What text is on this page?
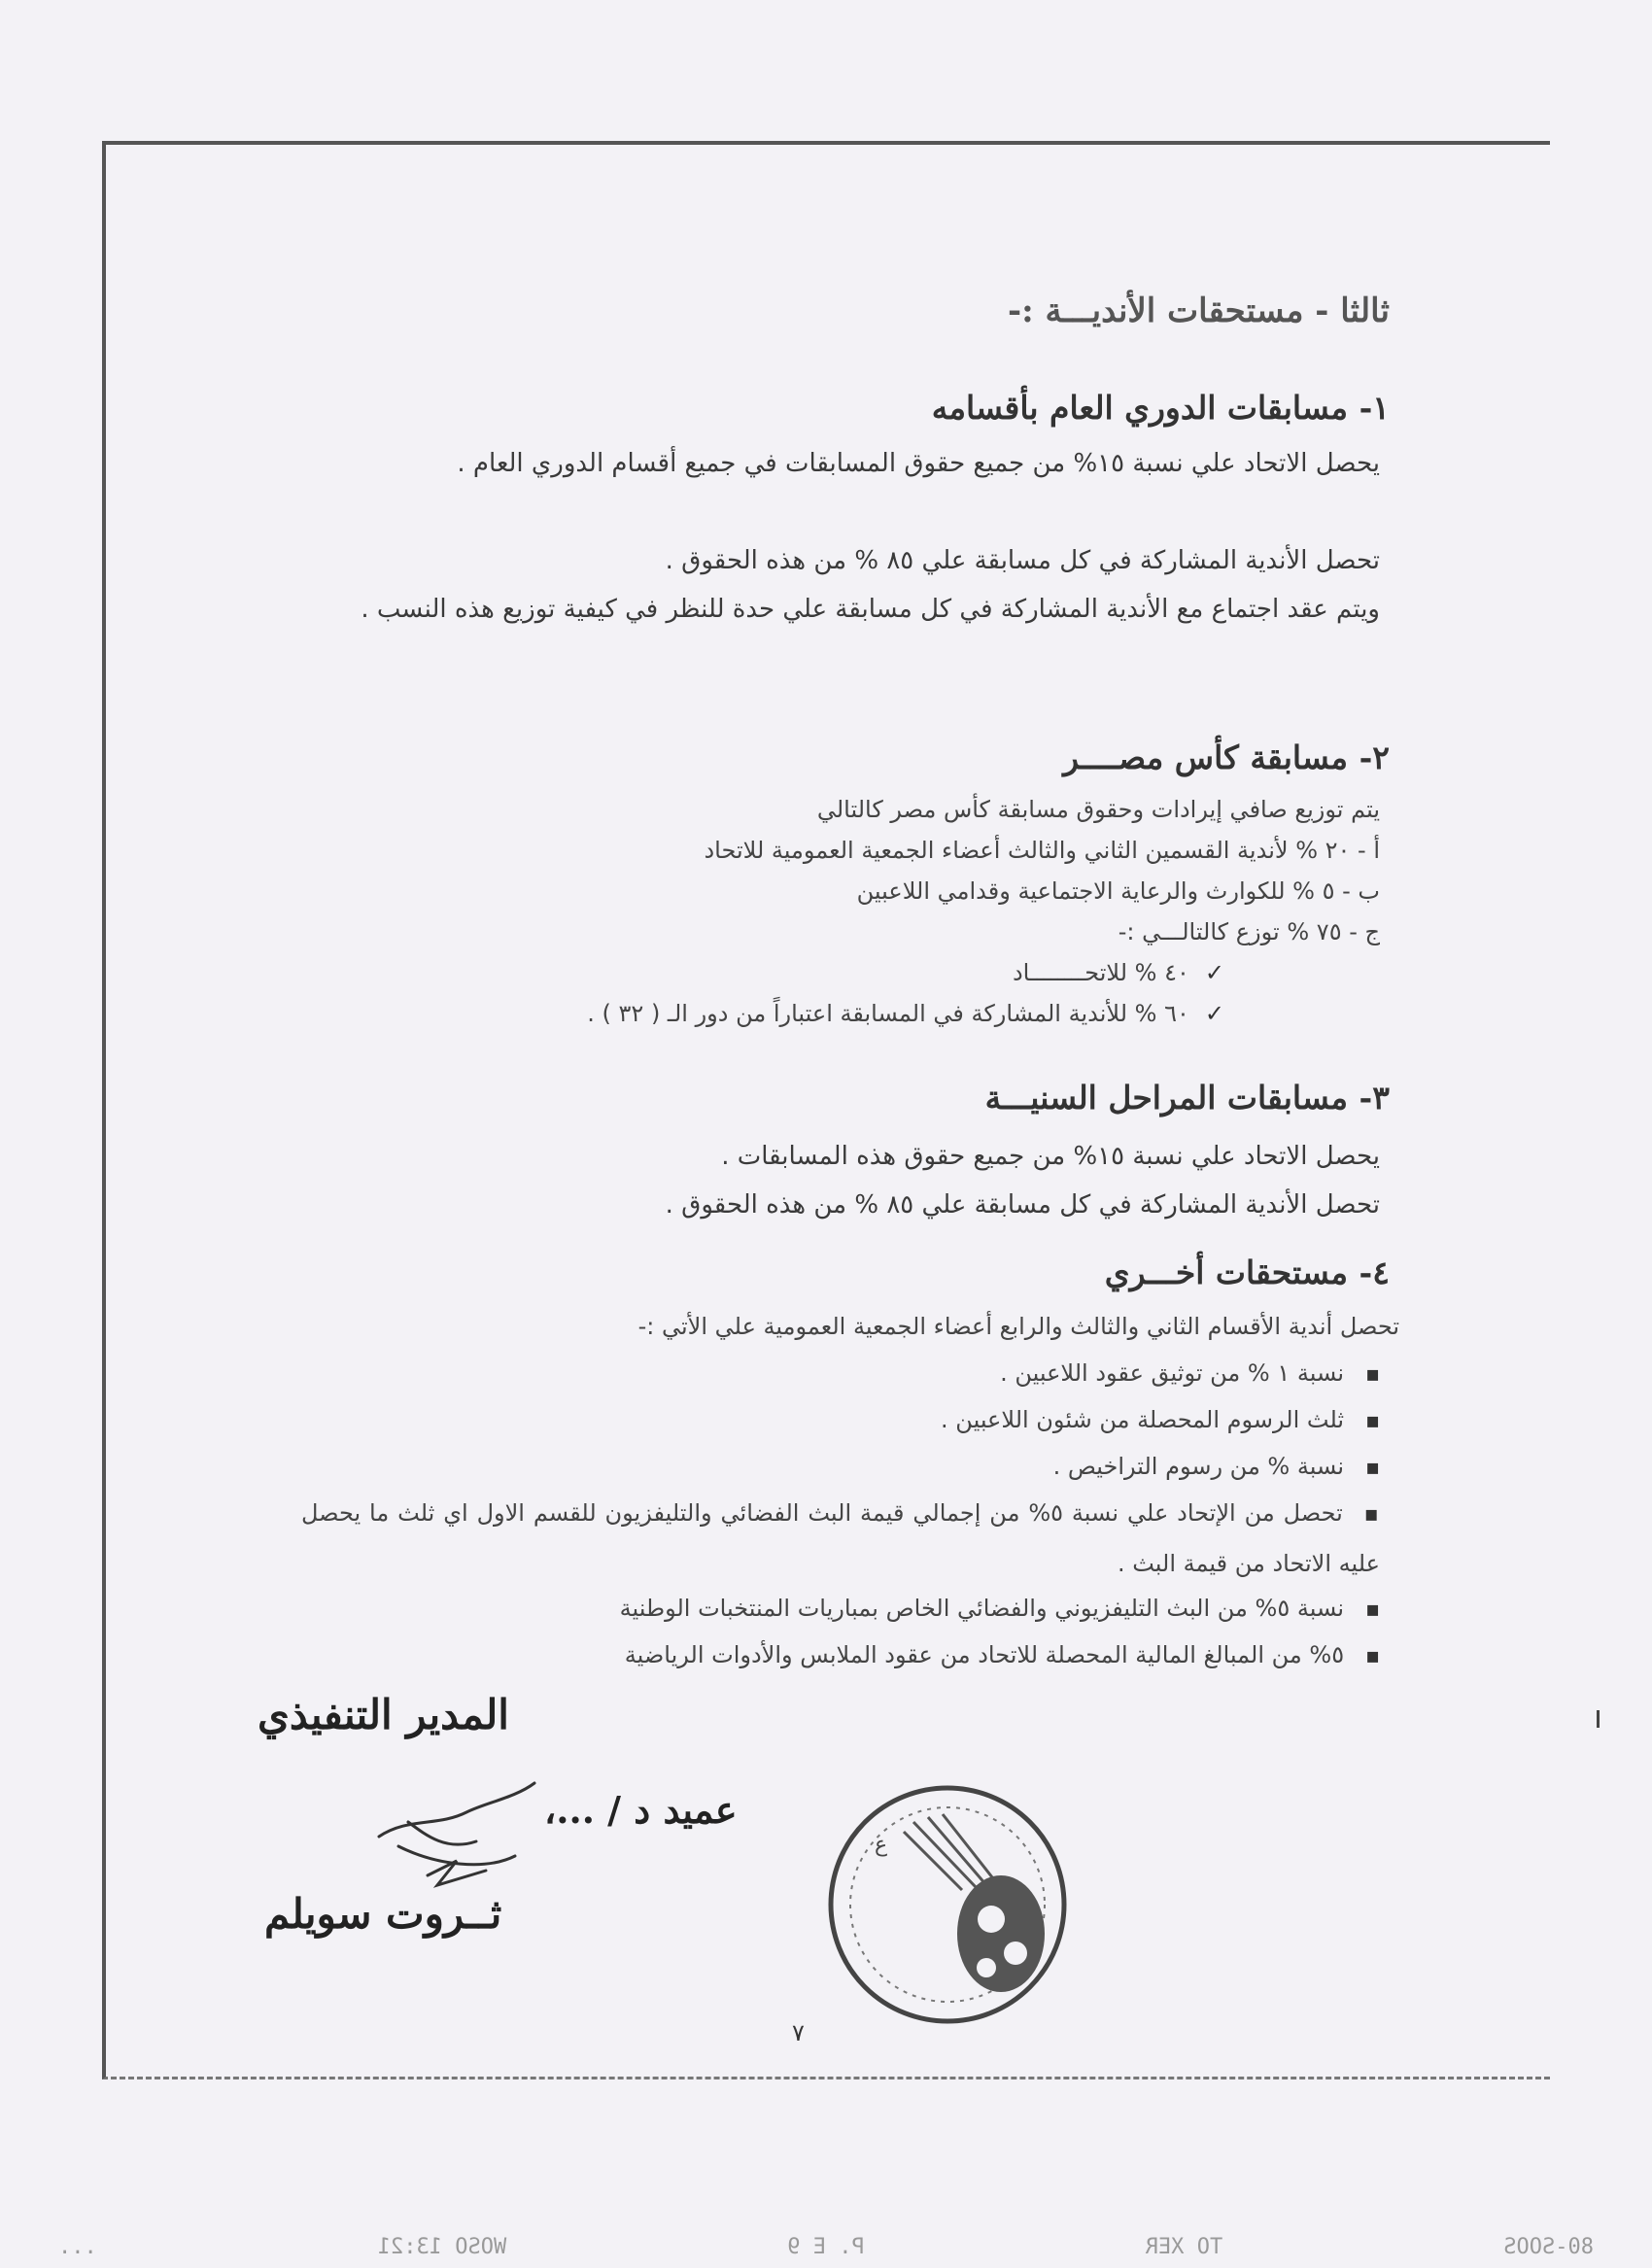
ثالثا - مستحقات الأنديـــة :-
١- مسابقات الدوري العام بأقسامه
يحصل الاتحاد علي نسبة ١٥% من جميع حقوق المسابقات في جميع أقسام الدوري العام .
تحصل الأندية المشاركة في كل مسابقة علي ٨٥ % من هذه الحقوق .
ويتم عقد اجتماع مع الأندية المشاركة في كل مسابقة علي حدة للنظر في كيفية توزيع هذه النسب .
٢- مسابقة كأس مصــــر
يتم توزيع صافي إيرادات وحقوق مسابقة كأس مصر كالتالي
أ - ٢٠ % لأندية القسمين الثاني والثالث أعضاء الجمعية العمومية للاتحاد
ب - ٥ % للكوارث والرعاية الاجتماعية وقدامي اللاعبين
ج - ٧٥ % توزع كالتالـــي :-
✓ ٤٠ % للاتحــــــــاد
✓ ٦٠ % للأندية المشاركة في المسابقة اعتباراً من دور الـ ( ٣٢ ) .
٣- مسابقات المراحل السنيـــة
يحصل الاتحاد علي نسبة ١٥% من جميع حقوق هذه المسابقات .
تحصل الأندية المشاركة في كل مسابقة علي ٨٥ % من هذه الحقوق .
٤- مستحقات أخـــري
تحصل أندية الأقسام الثاني والثالث والرابع أعضاء الجمعية العمومية علي الأتي :-
▪ نسبة ١ % من توثيق عقود اللاعبين .
▪ ثلث الرسوم المحصلة من شئون اللاعبين .
▪ نسبة % من رسوم التراخيص .
▪ تحصل من الإتحاد علي نسبة ٥% من إجمالي قيمة البث الفضائي والتليفزيون للقسم الاول اي ثلث ما يحصل عليه الاتحاد من قيمة البث .
▪ نسبة ٥% من البث التليفزيوني والفضائي الخاص بمباريات المنتخبات الوطنية
▪ ٥% من المبالغ المالية المحصلة للاتحاد من عقود الملابس والأدوات الرياضية
المدير التنفيذي
عميد د / ...،
ثــروت سويلم
ع
٧
80-SOOS
TO XER
P. E 9
WOSO 13:21
...
